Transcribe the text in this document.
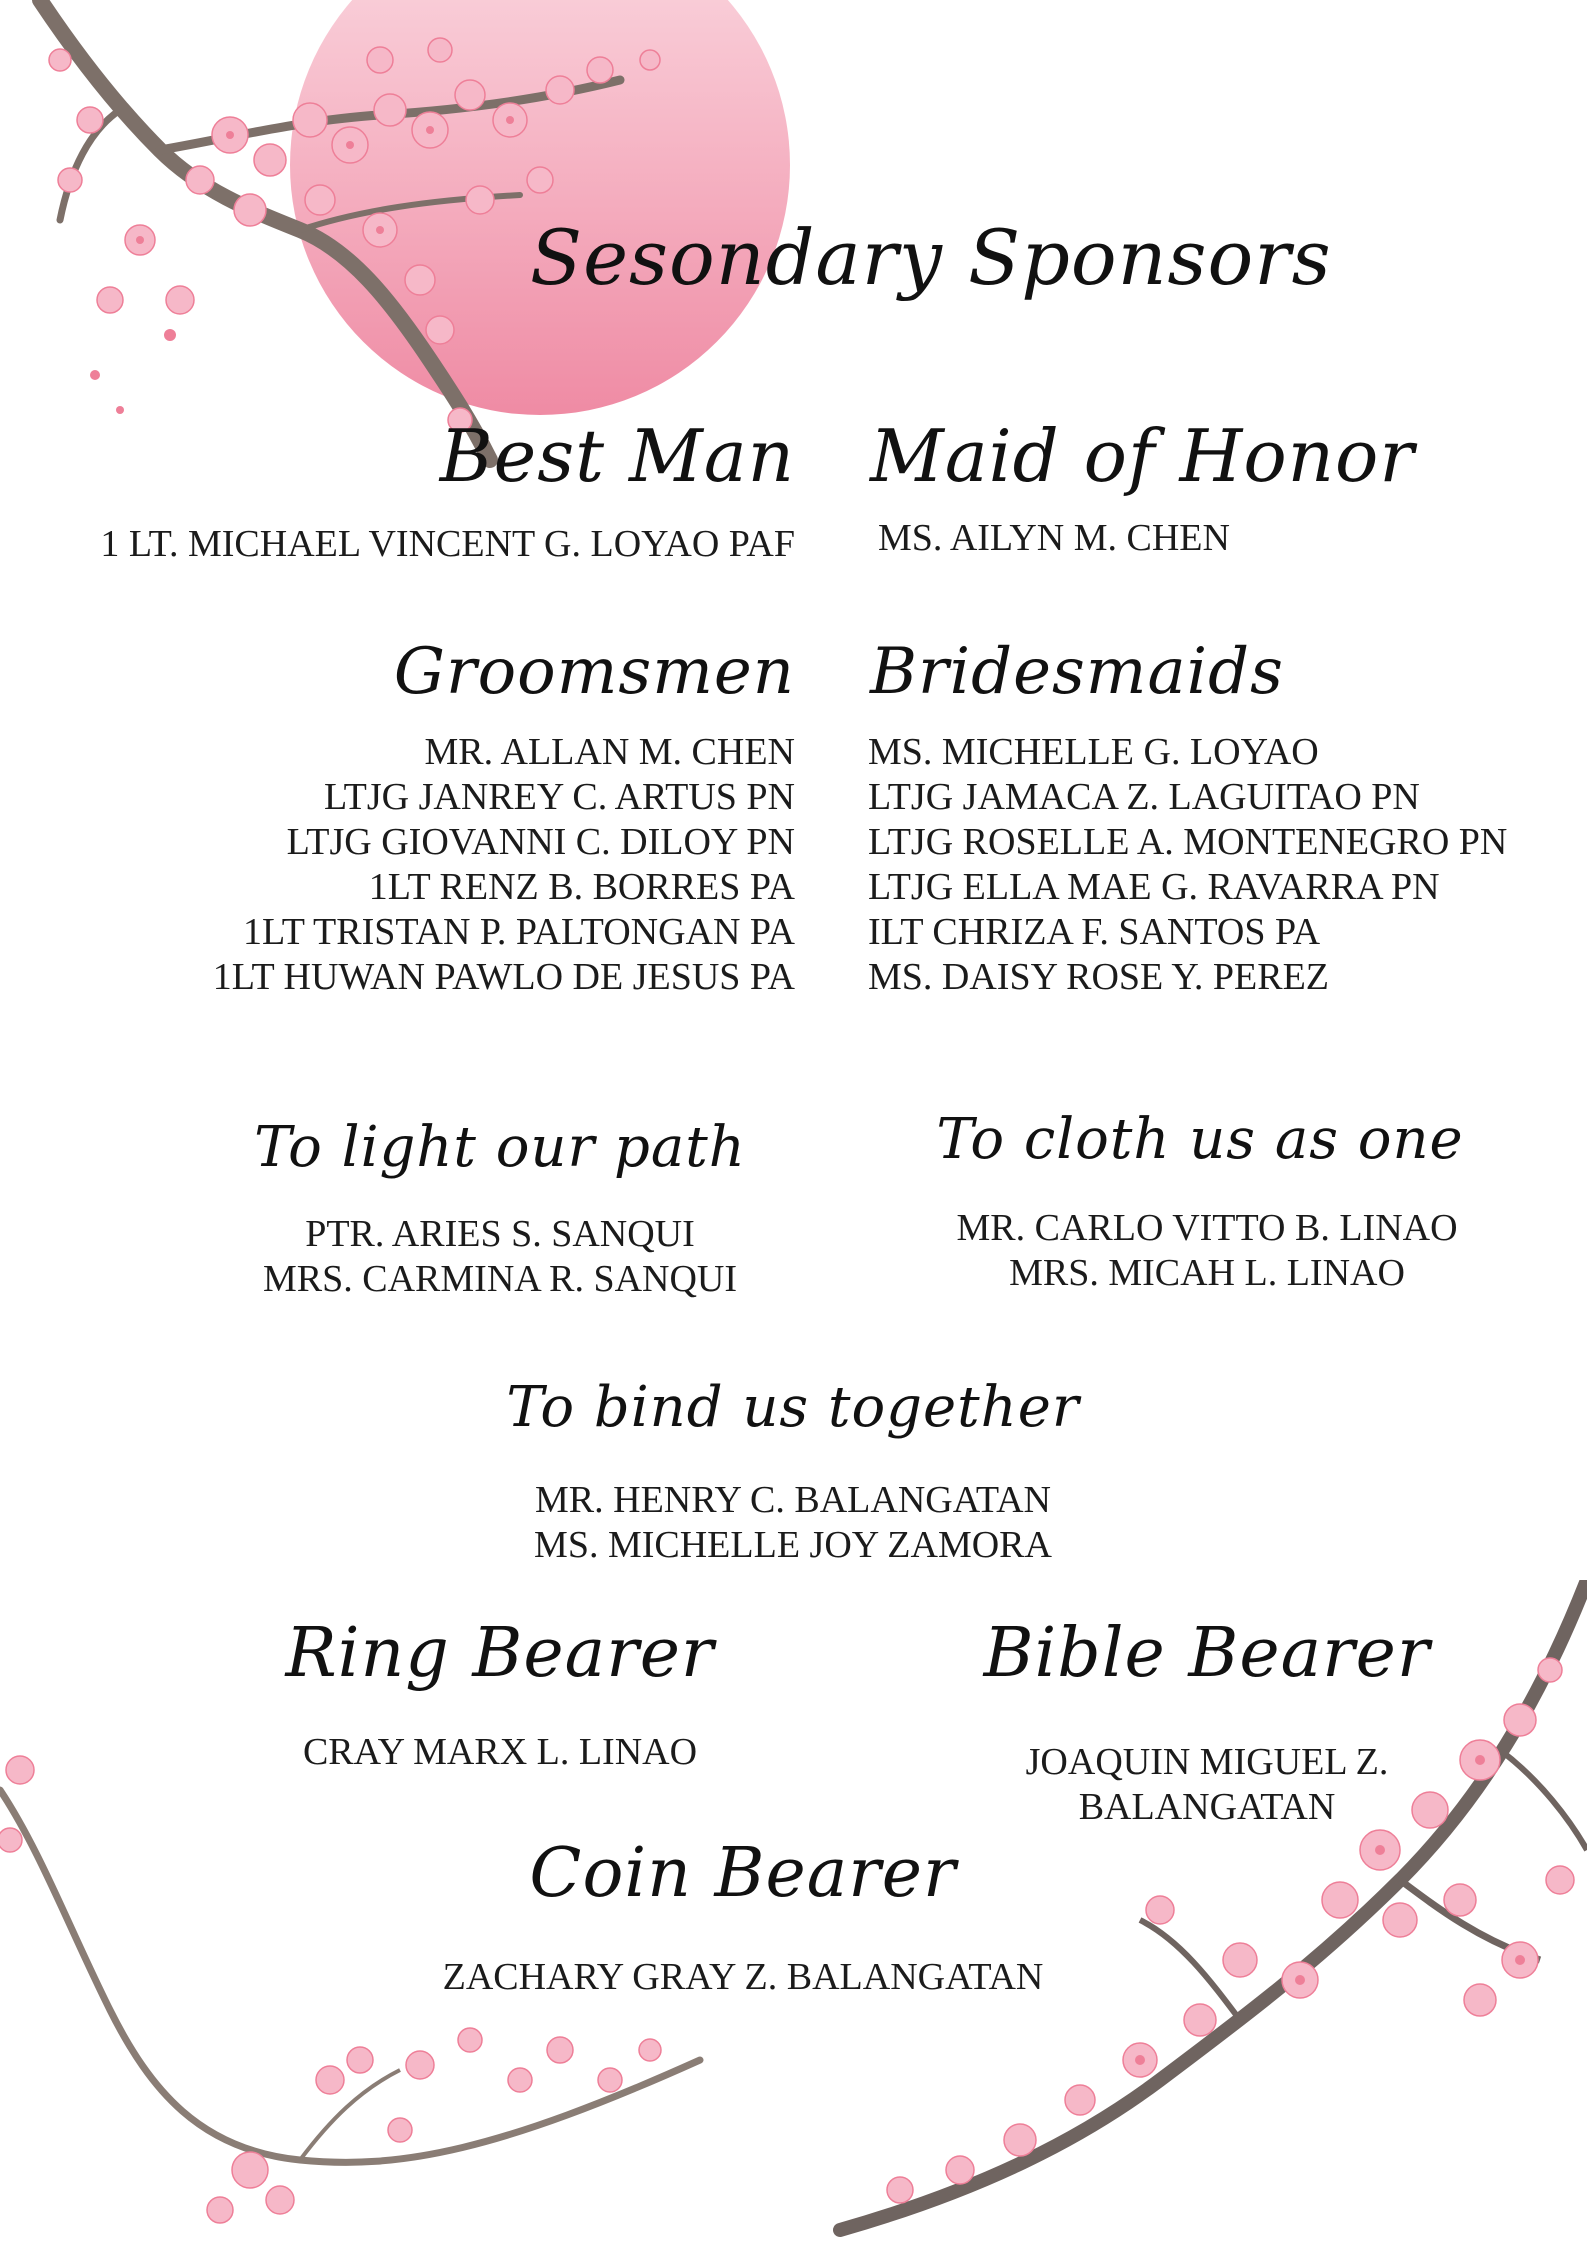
Sesondary Sponsors
Best Man
1 LT. MICHAEL VINCENT G. LOYAO PAF
Maid of Honor
MS. AILYN M. CHEN
Groomsmen
MR. ALLAN M. CHEN
LTJG JANREY C. ARTUS PN
LTJG GIOVANNI C. DILOY PN
1LT RENZ B. BORRES PA
1LT TRISTAN P. PALTONGAN PA
1LT HUWAN PAWLO DE JESUS PA
Bridesmaids
MS. MICHELLE G. LOYAO
LTJG JAMACA Z. LAGUITAO PN
LTJG ROSELLE A. MONTENEGRO PN
LTJG ELLA MAE G. RAVARRA PN
ILT CHRIZA F. SANTOS PA
MS. DAISY ROSE Y. PEREZ
To light our path
PTR. ARIES S. SANQUI
MRS. CARMINA R. SANQUI
To cloth us as one
MR. CARLO VITTO B. LINAO
MRS. MICAH L. LINAO
To bind us together
MR. HENRY C. BALANGATAN
MS. MICHELLE JOY ZAMORA
Ring Bearer
CRAY MARX L. LINAO
Bible Bearer
JOAQUIN MIGUEL Z.
BALANGATAN
Coin Bearer
ZACHARY GRAY Z. BALANGATAN
